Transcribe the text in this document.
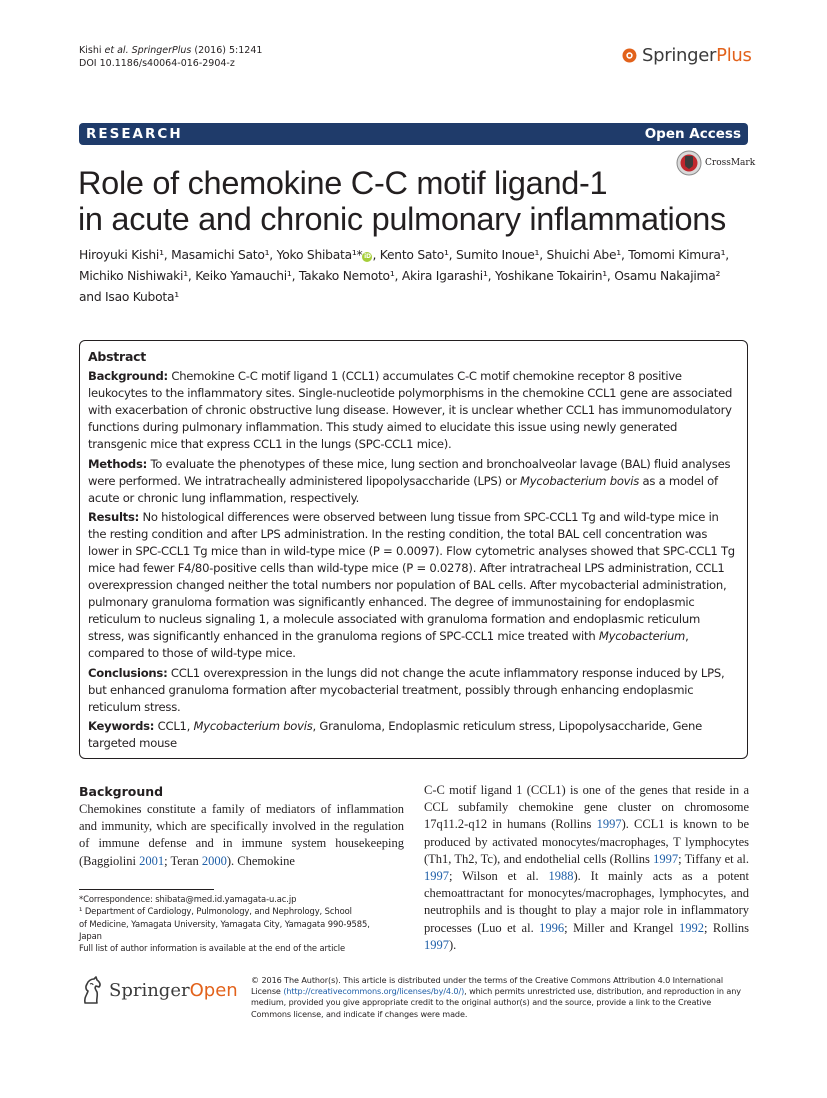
Kishi et al. SpringerPlus (2016) 5:1241
DOI 10.1186/s40064-016-2904-z	SpringerPlus
RESEARCH	Open Access
CrossMark
Role of chemokine C-C motif ligand-1
in acute and chronic pulmonary inflammations
Hiroyuki Kishi¹, Masamichi Sato¹, Yoko Shibata¹* iD , Kento Sato¹, Sumito Inoue¹, Shuichi Abe¹, Tomomi Kimura¹,
Michiko Nishiwaki¹, Keiko Yamauchi¹, Takako Nemoto¹, Akira Igarashi¹, Yoshikane Tokairin¹, Osamu Nakajima²
and Isao Kubota¹
Abstract

Background: Chemokine C-C motif ligand 1 (CCL1) accumulates C-C motif chemokine receptor 8 positive leukocytes to the inflammatory sites. Single-nucleotide polymorphisms in the chemokine CCL1 gene are associated with exacerbation of chronic obstructive lung disease. However, it is unclear whether CCL1 has immunomodulatory functions during pulmonary inflammation. This study aimed to elucidate this issue using newly generated transgenic mice that express CCL1 in the lungs (SPC-CCL1 mice).

Methods: To evaluate the phenotypes of these mice, lung section and bronchoalveolar lavage (BAL) fluid analyses were performed. We intratracheally administered lipopolysaccharide (LPS) or Mycobacterium bovis as a model of acute or chronic lung inflammation, respectively.

Results: No histological differences were observed between lung tissue from SPC-CCL1 Tg and wild-type mice in the resting condition and after LPS administration. In the resting condition, the total BAL cell concentration was lower in SPC-CCL1 Tg mice than in wild-type mice (P = 0.0097). Flow cytometric analyses showed that SPC-CCL1 Tg mice had fewer F4/80-positive cells than wild-type mice (P = 0.0278). After intratracheal LPS administration, CCL1 overexpression changed neither the total numbers nor population of BAL cells. After mycobacterial administration, pulmonary granuloma formation was significantly enhanced. The degree of immunostaining for endoplasmic reticulum to nucleus signaling 1, a molecule associated with granuloma formation and endoplasmic reticulum stress, was significantly enhanced in the granuloma regions of SPC-CCL1 mice treated with Mycobacterium, compared to those of wild-type mice.

Conclusions: CCL1 overexpression in the lungs did not change the acute inflammatory response induced by LPS, but enhanced granuloma formation after mycobacterial treatment, possibly through enhancing endoplasmic reticulum stress.

Keywords: CCL1, Mycobacterium bovis, Granuloma, Endoplasmic reticulum stress, Lipopolysaccharide, Gene targeted mouse

Background
Chemokines constitute a family of mediators of inflammation and immunity, which are specifically involved in the regulation of immune defense and in immune system housekeeping (Baggiolini 2001; Teran 2000). Chemokine
C-C motif ligand 1 (CCL1) is one of the genes that reside in a CCL subfamily chemokine gene cluster on chromosome 17q11.2-q12 in humans (Rollins 1997). CCL1 is known to be produced by activated monocytes/macrophages, T lymphocytes (Th1, Th2, Tc), and endothelial cells (Rollins 1997; Tiffany et al. 1997; Wilson et al. 1988). It mainly acts as a potent chemoattractant for monocytes/macrophages, lymphocytes, and neutrophils and is thought to play a major role in inflammatory processes (Luo et al. 1996; Miller and Krangel 1992; Rollins 1997).
*Correspondence: shibata@med.id.yamagata-u.ac.jp
¹ Department of Cardiology, Pulmonology, and Nephrology, School
of Medicine, Yamagata University, Yamagata City, Yamagata 990-9585,
Japan
Full list of author information is available at the end of the article
SpringerOpen © 2016 The Author(s). This article is distributed under the terms of the Creative Commons Attribution 4.0 International License (http://creativecommons.org/licenses/by/4.0/), which permits unrestricted use, distribution, and reproduction in any medium, provided you give appropriate credit to the original author(s) and the source, provide a link to the Creative Commons license, and indicate if changes were made.
